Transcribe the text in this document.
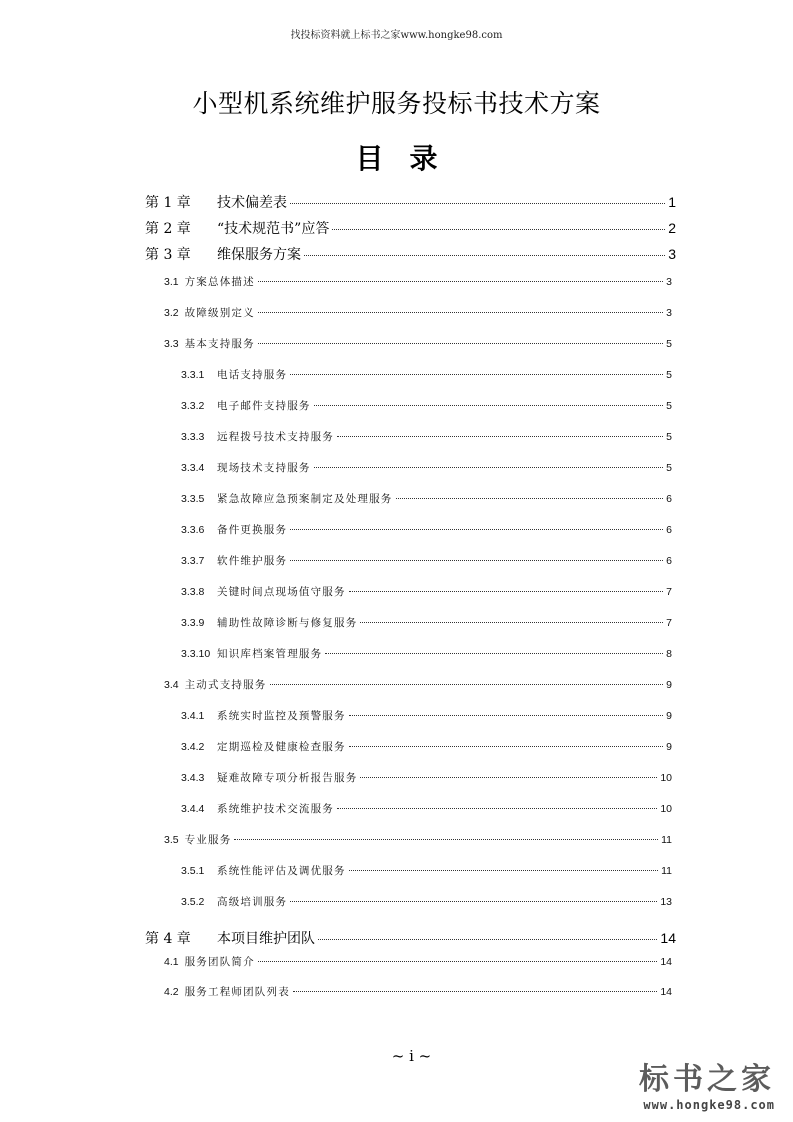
找投标资料就上标书之家www.hongke98.com
小型机系统维护服务投标书技术方案
目录
第 1 章	技术偏差表	1
第 2 章	“技术规范书”应答	2
第 3 章	维保服务方案	3
3.1 方案总体描述	3
3.2 故障级别定义	3
3.3 基本支持服务	5
3.3.1	电话支持服务	5
3.3.2	电子邮件支持服务	5
3.3.3	远程拨号技术支持服务	5
3.3.4	现场技术支持服务	5
3.3.5	紧急故障应急预案制定及处理服务	6
3.3.6	备件更换服务	6
3.3.7	软件维护服务	6
3.3.8	关键时间点现场值守服务	7
3.3.9	辅助性故障诊断与修复服务	7
3.3.10 知识库档案管理服务	8
3.4 主动式支持服务	9
3.4.1	系统实时监控及预警服务	9
3.4.2	定期巡检及健康检查服务	9
3.4.3	疑难故障专项分析报告服务	10
3.4.4	系统维护技术交流服务	10
3.5 专业服务	11
3.5.1	系统性能评估及调优服务	11
3.5.2	高级培训服务	13
第 4 章	本项目维护团队	14
4.1 服务团队简介	14
4.2 服务工程师团队列表	14
~ i ~
标书之家
www.hongke98.com
